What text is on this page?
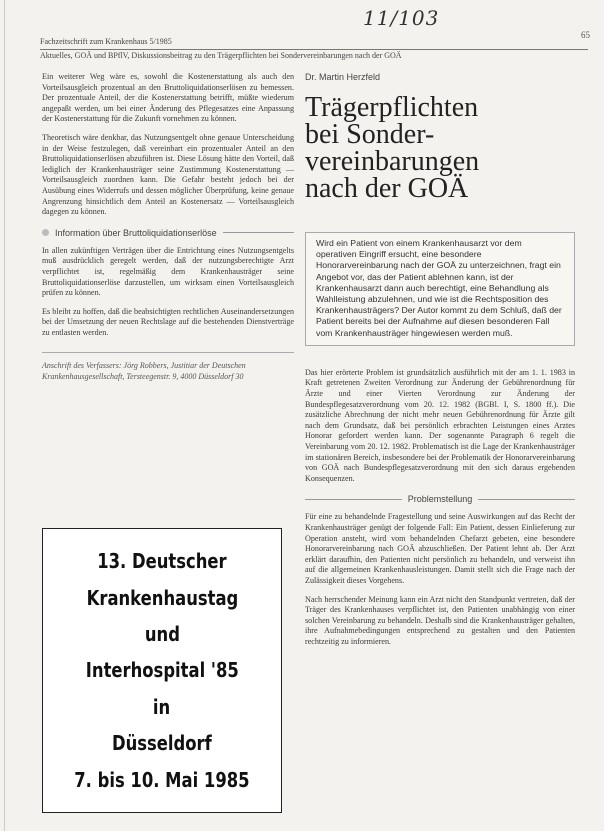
11/103
65
Fachzeitschrift zum Krankenhaus 5/1985
Aktuelles, GOÄ und BPflV, Diskussionsbeitrag zu den Trägerpflichten bei Sondervereinbarungen nach der GOÄ

Ein weiterer Weg wäre es, sowohl die Kostenerstattung als auch den Vorteilsausgleich prozentual an den Bruttoliquidationserlösen zu bemessen. Der prozentuale Anteil, der die Kostenerstattung betrifft, müßte wiederum angepaßt werden, um bei einer Änderung des Pflegesatzes eine Anpassung der Kostenerstattung für die Zukunft vornehmen zu können.

Theoretisch wäre denkbar, das Nutzungsentgelt ohne genaue Unterscheidung in der Weise festzulegen, daß vereinbart ein prozentualer Anteil an den Bruttoliquidationserlösen abzuführen ist. Diese Lösung hätte den Vorteil, daß lediglich der Krankenhausträger seine Zustimmung Kostenerstattung — Vorteilsausgleich zuordnen kann. Die Gefahr besteht jedoch bei der Ausübung eines Widerrufs und dessen möglicher Überprüfung, keine genaue Angrenzung hinsichtlich dem Anteil an Kostenersatz — Vorteilsausgleich dagegen zu können.

Information über Bruttoliquidationserlöse

In allen zukünftigen Verträgen über die Entrichtung eines Nutzungsentgelts muß ausdrücklich geregelt werden, daß der nutzungsberechtigte Arzt verpflichtet ist, regelmäßig dem Krankenhausträger seine Bruttoliquidationserlöse darzustellen, um wirksam einen Vorteilsausgleich prüfen zu können.

Es bleibt zu hoffen, daß die beabsichtigten rechtlichen Auseinandersetzungen bei der Umsetzung der neuen Rechtslage auf die bestehenden Dienstverträge zu entlasten werden.

Anschrift des Verfassers: Jörg Robbers, Justitiar der Deutschen Krankenhausgesellschaft, Tersteegenstr. 9, 4000 Düsseldorf 30
13. Deutscher
Krankenhaustag
und
Interhospital '85
in
Düsseldorf
7. bis 10. Mai 1985
Dr. Martin Herzfeld
Trägerpflichten
bei Sonder-
vereinbarungen
nach der GOÄ
Wird ein Patient von einem Krankenhausarzt vor dem operativen Eingriff ersucht, eine besondere Honorarvereinbarung nach der GOÄ zu unterzeichnen, fragt ein Angebot vor, das der Patient ablehnen kann, ist der Krankenhausarzt dann auch berechtigt, eine Behandlung als Wahlleistung abzulehnen, und wie ist die Rechtsposition des Krankenhausträgers? Der Autor kommt zu dem Schluß, daß der Patient bereits bei der Aufnahme auf diesen besonderen Fall vom Krankenhausträger hingewiesen werden muß.

Das hier erörterte Problem ist grundsätzlich ausführlich mit der am 1. 1. 1983 in Kraft getretenen Zweiten Verordnung zur Änderung der Gebührenordnung für Ärzte und einer Vierten Verordnung zur Änderung der Bundespflegesatzverordnung vom 20. 12. 1982 (BGBl. I, S. 1800 ff.). Die zusätzliche Abrechnung der nicht mehr neuen Gebührenordnung für Ärzte gilt nach dem Grundsatz, daß bei persönlich erbrachten Leistungen eines Arztes Honorar gefordert werden kann. Der sogenannte Paragraph 6 regelt die Vereinbarung vom 20. 12. 1982. Problematisch ist die Lage der Krankenhausträger im stationären Bereich, insbesondere bei der Problematik der Honorarvereinbarung von GOÄ nach Bundespflegesatzverordnung mit den sich daraus ergebenden Konsequenzen.

Problemstellung

Für eine zu behandelnde Fragestellung und seine Auswirkungen auf das Recht der Krankenhausträger genügt der folgende Fall: Ein Patient, dessen Einlieferung zur Operation ansteht, wird vom behandelnden Chefarzt gebeten, eine besondere Honorarvereinbarung nach GOÄ abzuschließen. Der Patient lehnt ab. Der Arzt erklärt daraufhin, den Patienten nicht persönlich zu behandeln, und verweist ihn auf die allgemeinen Krankenhausleistungen. Damit stellt sich die Frage nach der Zulässigkeit dieses Vorgehens.

Nach herrschender Meinung kann ein Arzt nicht den Standpunkt vertreten, daß der Träger des Krankenhauses verpflichtet ist, den Patienten unabhängig von einer solchen Vereinbarung zu behandeln. Deshalb sind die Krankenhausträger gehalten, ihre Aufnahmebedingungen entsprechend zu gestalten und den Patienten rechtzeitig zu informieren.
